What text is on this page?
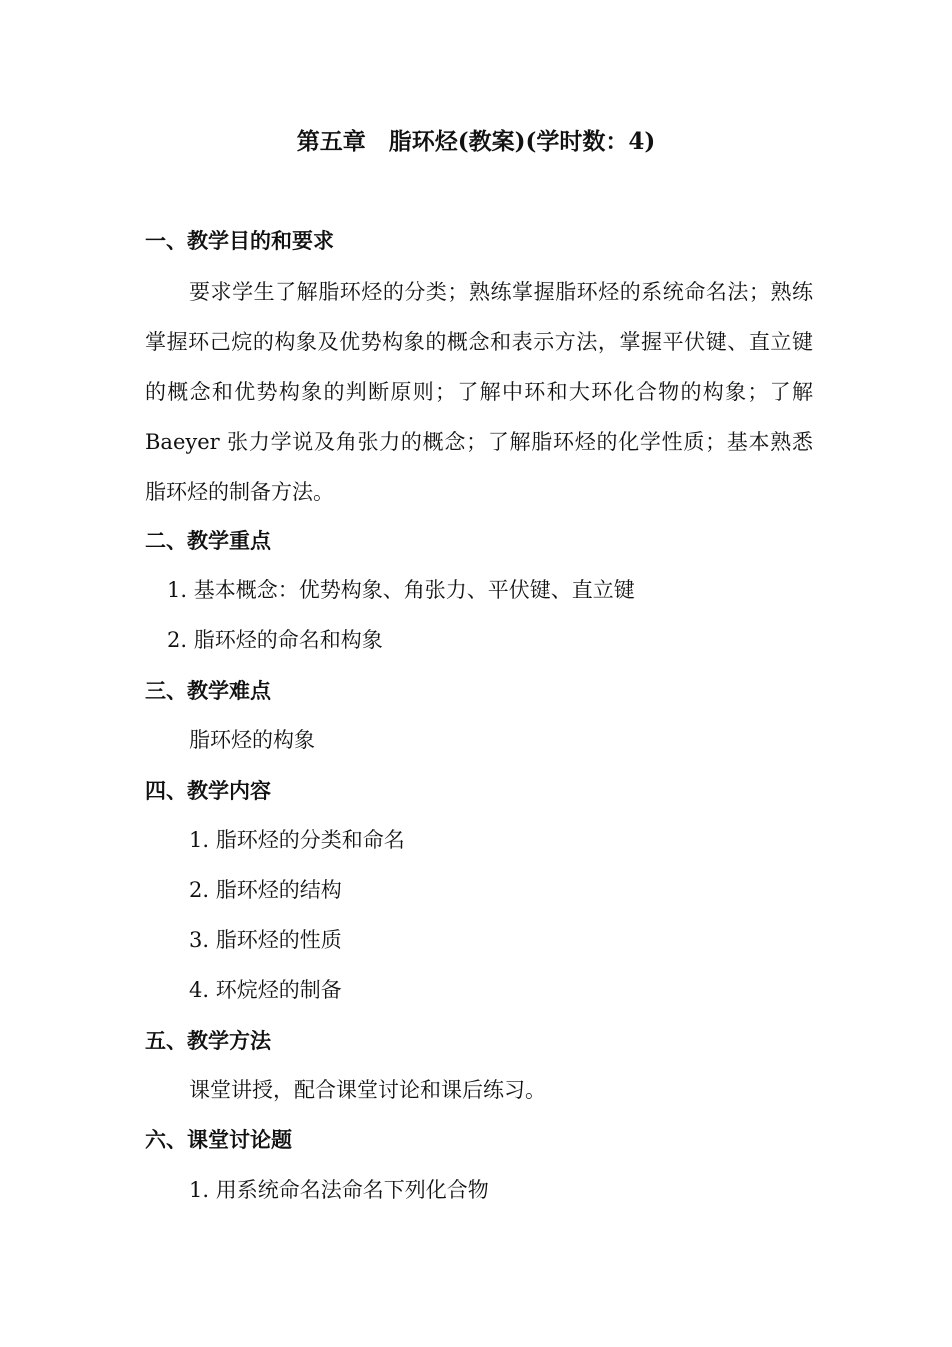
第五章　脂环烃(教案)(学时数：4)
一、教学目的和要求
要求学生了解脂环烃的分类；熟练掌握脂环烃的系统命名法；熟练掌握环己烷的构象及优势构象的概念和表示方法，掌握平伏键、直立键的概念和优势构象的判断原则；了解中环和大环化合物的构象；了解 Baeyer 张力学说及角张力的概念；了解脂环烃的化学性质；基本熟悉脂环烃的制备方法。
二、教学重点
1. 基本概念：优势构象、角张力、平伏键、直立键
2. 脂环烃的命名和构象
三、教学难点
脂环烃的构象
四、教学内容
1. 脂环烃的分类和命名
2. 脂环烃的结构
3. 脂环烃的性质
4. 环烷烃的制备
五、教学方法
课堂讲授，配合课堂讨论和课后练习。
六、课堂讨论题
1. 用系统命名法命名下列化合物
